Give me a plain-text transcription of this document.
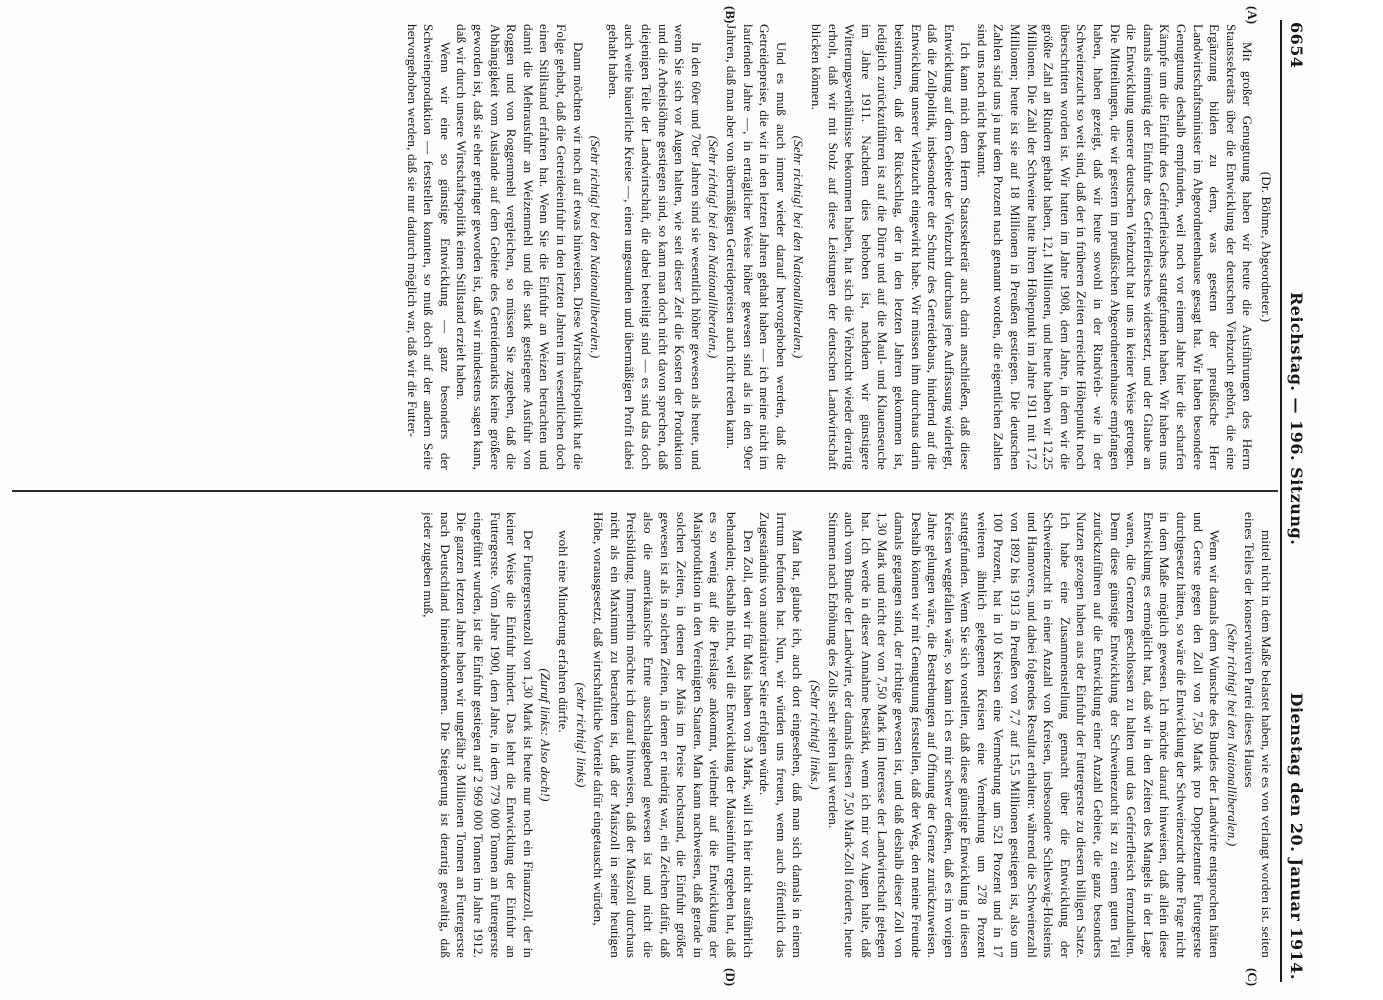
6654
Reichstag. — 196. Sitzung.
Dienstag den 20. Januar 1914.
(A)
(B)
(C)
(D)

(Dr. Böhme, Abgeordneter.)

Mit großer Genugtuung haben wir heute die Ausführungen des Herrn Staatssekretärs über die Entwicklung der deutschen Viehzucht gehört, die eine Ergänzung bilden zu dem, was gestern der preußische Herr Landwirtschaftsminister im Abgeordnetenhause gesagt hat. Wir haben besondere Genugtuung deshalb empfunden, weil noch vor einem Jahre hier die scharfen Kämpfe um die Einfuhr des Gefrierfleisches stattgefunden haben. Wir haben uns damals einmütig der Einfuhr des Gefrierfleisches widersetzt, und der Glaube an die Entwicklung unserer deutschen Viehzucht hat uns in keiner Weise getrogen. Die Mitteilungen, die wir gestern im preußischen Abgeordnetenhause empfangen haben, haben gezeigt, daß wir heute sowohl in der Rindvieh- wie in der Schweinezucht so weit sind, daß der in früheren Zeiten erreichte Höhepunkt noch überschritten worden ist. Wir hatten im Jahre 1908, dem Jahre, in dem wir die größte Zahl an Rindern gehabt haben, 12,1 Millionen, und heute haben wir 12,25 Millionen. Die Zahl der Schweine hatte ihren Höhepunkt im Jahre 1911 mit 17,2 Millionen; heute ist sie auf 18 Millionen in Preußen gestiegen. Die deutschen Zahlen sind uns ja nur dem Prozent nach genannt worden, die eigentlichen Zahlen sind uns noch nicht bekannt.

Ich kann mich dem Herrn Staatssekretär auch darin anschließen, daß diese Entwicklung auf dem Gebiete der Viehzucht durchaus jene Auffassung widerlegt, daß die Zollpolitik, insbesondere der Schutz des Getreidebaus, hindernd auf die Entwicklung unserer Viehzucht eingewirkt habe. Wir müssen ihm durchaus darin beistimmen, daß der Rückschlag, der in den letzten Jahren gekommen ist, lediglich zurückzuführen ist auf die Dürre und auf die Maul- und Klauenseuche im Jahre 1911. Nachdem dies behoben ist, nachdem wir günstigere Witterungsverhältnisse bekommen haben, hat sich die Viehzucht wieder derartig erholt, daß wir mit Stolz auf diese Leistungen der deutschen Landwirtschaft blicken können.

(Sehr richtig! bei den Nationalliberalen.)

Und es muß auch immer wieder darauf hervorgehoben werden, daß die Getreidepreise, die wir in den letzten Jahren gehabt haben — ich meine nicht im laufenden Jahre —, in erträglicher Weise höher gewesen sind als in den 90er Jahren, daß man aber von übermäßigen Getreidepreisen auch nicht reden kann.

(Sehr richtig! bei den Nationalliberalen.)

In den 60er und 70er Jahren sind sie wesentlich höher gewesen als heute, und wenn Sie sich vor Augen halten, wie seit dieser Zeit die Kosten der Produktion und die Arbeitslöhne gestiegen sind, so kann man doch nicht davon sprechen, daß diejenigen Teile der Landwirtschaft, die dabei beteiligt sind — es sind das doch auch weite bäuerliche Kreise —, einen ungesunden und übermäßigen Profit dabei gehabt haben.

(Sehr richtig! bei den Nationalliberalen.)

Dann möchten wir noch auf etwas hinweisen. Diese Wirtschaftspolitik hat die Folge gehabt, daß die Getreideeinfuhr in den letzten Jahren im wesentlichen doch einen Stillstand erfahren hat. Wenn Sie die Einfuhr an Weizen betrachten und damit die Mehrausfuhr an Weizenmehl und die stark gestiegene Ausfuhr von Roggen und von Roggenmehl vergleichen, so müssen Sie zugeben, daß die Abhängigkeit vom Auslande auf dem Gebiete des Getreidemarkts keine größere geworden ist, daß sie eher geringer geworden ist, daß wir mindestens sagen kann, daß wir durch unsere Wirtschaftspolitik einen Stillstand erzielt haben.

Wenn wir eine so günstige Entwicklung — ganz besonders der Schweineproduktion — feststellen konnten, so muß doch auf der andern Seite hervorgehoben werden, daß sie nur dadurch möglich war, daß wir die Futter-

mittel nicht in dem Maße belastet haben, wie es von verlangt worden ist. seiten eines Teiles der konservativen Partei dieses Hauses

(Sehr richtig! bei den Nationalliberalen.)

Wenn wir damals dem Wunsche des Bundes der Landwirte entsprochen hätten und Gerste gegen den Zoll von 7,50 Mark pro Doppelzentner Futtergerste durchgesetzt hätten, so wäre die Entwicklung der Schweinezucht ohne Frage nicht in dem Maße möglich gewesen. Ich möchte darauf hinweisen, daß allein diese Entwicklung es ermöglicht hat, daß wir in den Zeiten des Mangels in der Lage waren, die Grenzen geschlossen zu halten und das Gefrierfleisch fernzuhalten. Denn diese günstige Entwicklung der Schweinezucht ist zu einem guten Teil zurückzuführen auf die Entwicklung einer Anzahl Gebiete, die ganz besonders Nutzen gezogen haben aus der Einfuhr der Futtergerste zu diesem billigen Satze. Ich habe eine Zusammenstellung gemacht über die Entwicklung der Schweinezucht in einer Anzahl von Kreisen, insbesondere Schleswig-Holsteins und Hannovers, und dabei folgendes Resultat erhalten: während die Schweinezahl von 1892 bis 1913 in Preußen von 7,7 auf 15,5 Millionen gestiegen ist, also um 100 Prozent, hat in 10 Kreisen eine Vermehrung um 521 Prozent und in 17 weiteren ähnlich gelegenen Kreisen eine Vermehrung um 278 Prozent stattgefunden. Wenn Sie sich vorstellen, daß diese günstige Entwicklung in diesen Kreisen weggefallen wäre, so kann ich es mir schwer denken, daß es im vorigen Jahre gelungen wäre, die Bestrebungen auf Öffnung der Grenze zurückzuweisen. Deshalb können wir mit Genugtuung feststellen, daß der Weg, den meine Freunde damals gegangen sind, der richtige gewesen ist, und daß deshalb dieser Zoll von 1,30 Mark und nicht der von 7,50 Mark im Interesse der Landwirtschaft gelegen hat. Ich werde in dieser Annahme bestärkt, wenn ich mir vor Augen halte, daß auch vom Bunde der Landwirte, der damals diesen 7,50 Mark-Zoll forderte, heute Stimmen nach Erhöhung des Zolls sehr selten laut werden.

(Sehr richtig! links.)

Man hat, glaube ich, auch dort eingesehen, daß man sich damals in einem Irrtum befunden hat. Nun, wir würden uns freuen, wenn auch öffentlich das Zugeständnis von autoritativer Seite erfolgen würde.

Den Zoll, den wir für Mais haben von 3 Mark, will ich hier nicht ausführlich behandeln; deshalb nicht, weil die Entwicklung der Maiseinfuhr ergeben hat, daß es so wenig auf die Preislage ankommt, vielmehr auf die Entwicklung der Maisproduktion in den Vereinigten Staaten. Man kann nachweisen, daß gerade in solchen Zeiten, in denen der Mais im Preise hochstand, die Einfuhr größer gewesen ist als in solchen Zeiten, in denen er niedrig war, ein Zeichen dafür, daß also die amerikanische Ernte ausschlaggebend gewesen ist und nicht die Preisbildung. Immerhin möchte ich darauf hinweisen, daß der Maiszoll durchaus nicht als ein Maximum zu betrachten ist, daß der Maiszoll in seiner heutigen Höhe, vorausgesetzt, daß wirtschaftliche Vorteile dafür eingetauscht würden,

(sehr richtig! links)

wohl eine Minderung erfahren dürfte.

(Zuruf links: Also doch!)

Der Futtergerstenzoll von 1,30 Mark ist heute nur noch ein Finanzzoll, der in keiner Weise die Einfuhr hindert. Das lehrt die Entwicklung der Einfuhr an Futtergerste. Vom Jahre 1900, dem Jahre, in dem 779 000 Tonnen an Futtergerste eingeführt wurden, ist die Einfuhr gestiegen auf 2 969 000 Tonnen im Jahre 1912. Die ganzen letzten Jahre haben wir ungefähr 3 Millionen Tonnen an Futtergerste nach Deutschland hineinbekommen. Die Steigerung ist derartig gewaltig, daß jeder zugeben muß,
